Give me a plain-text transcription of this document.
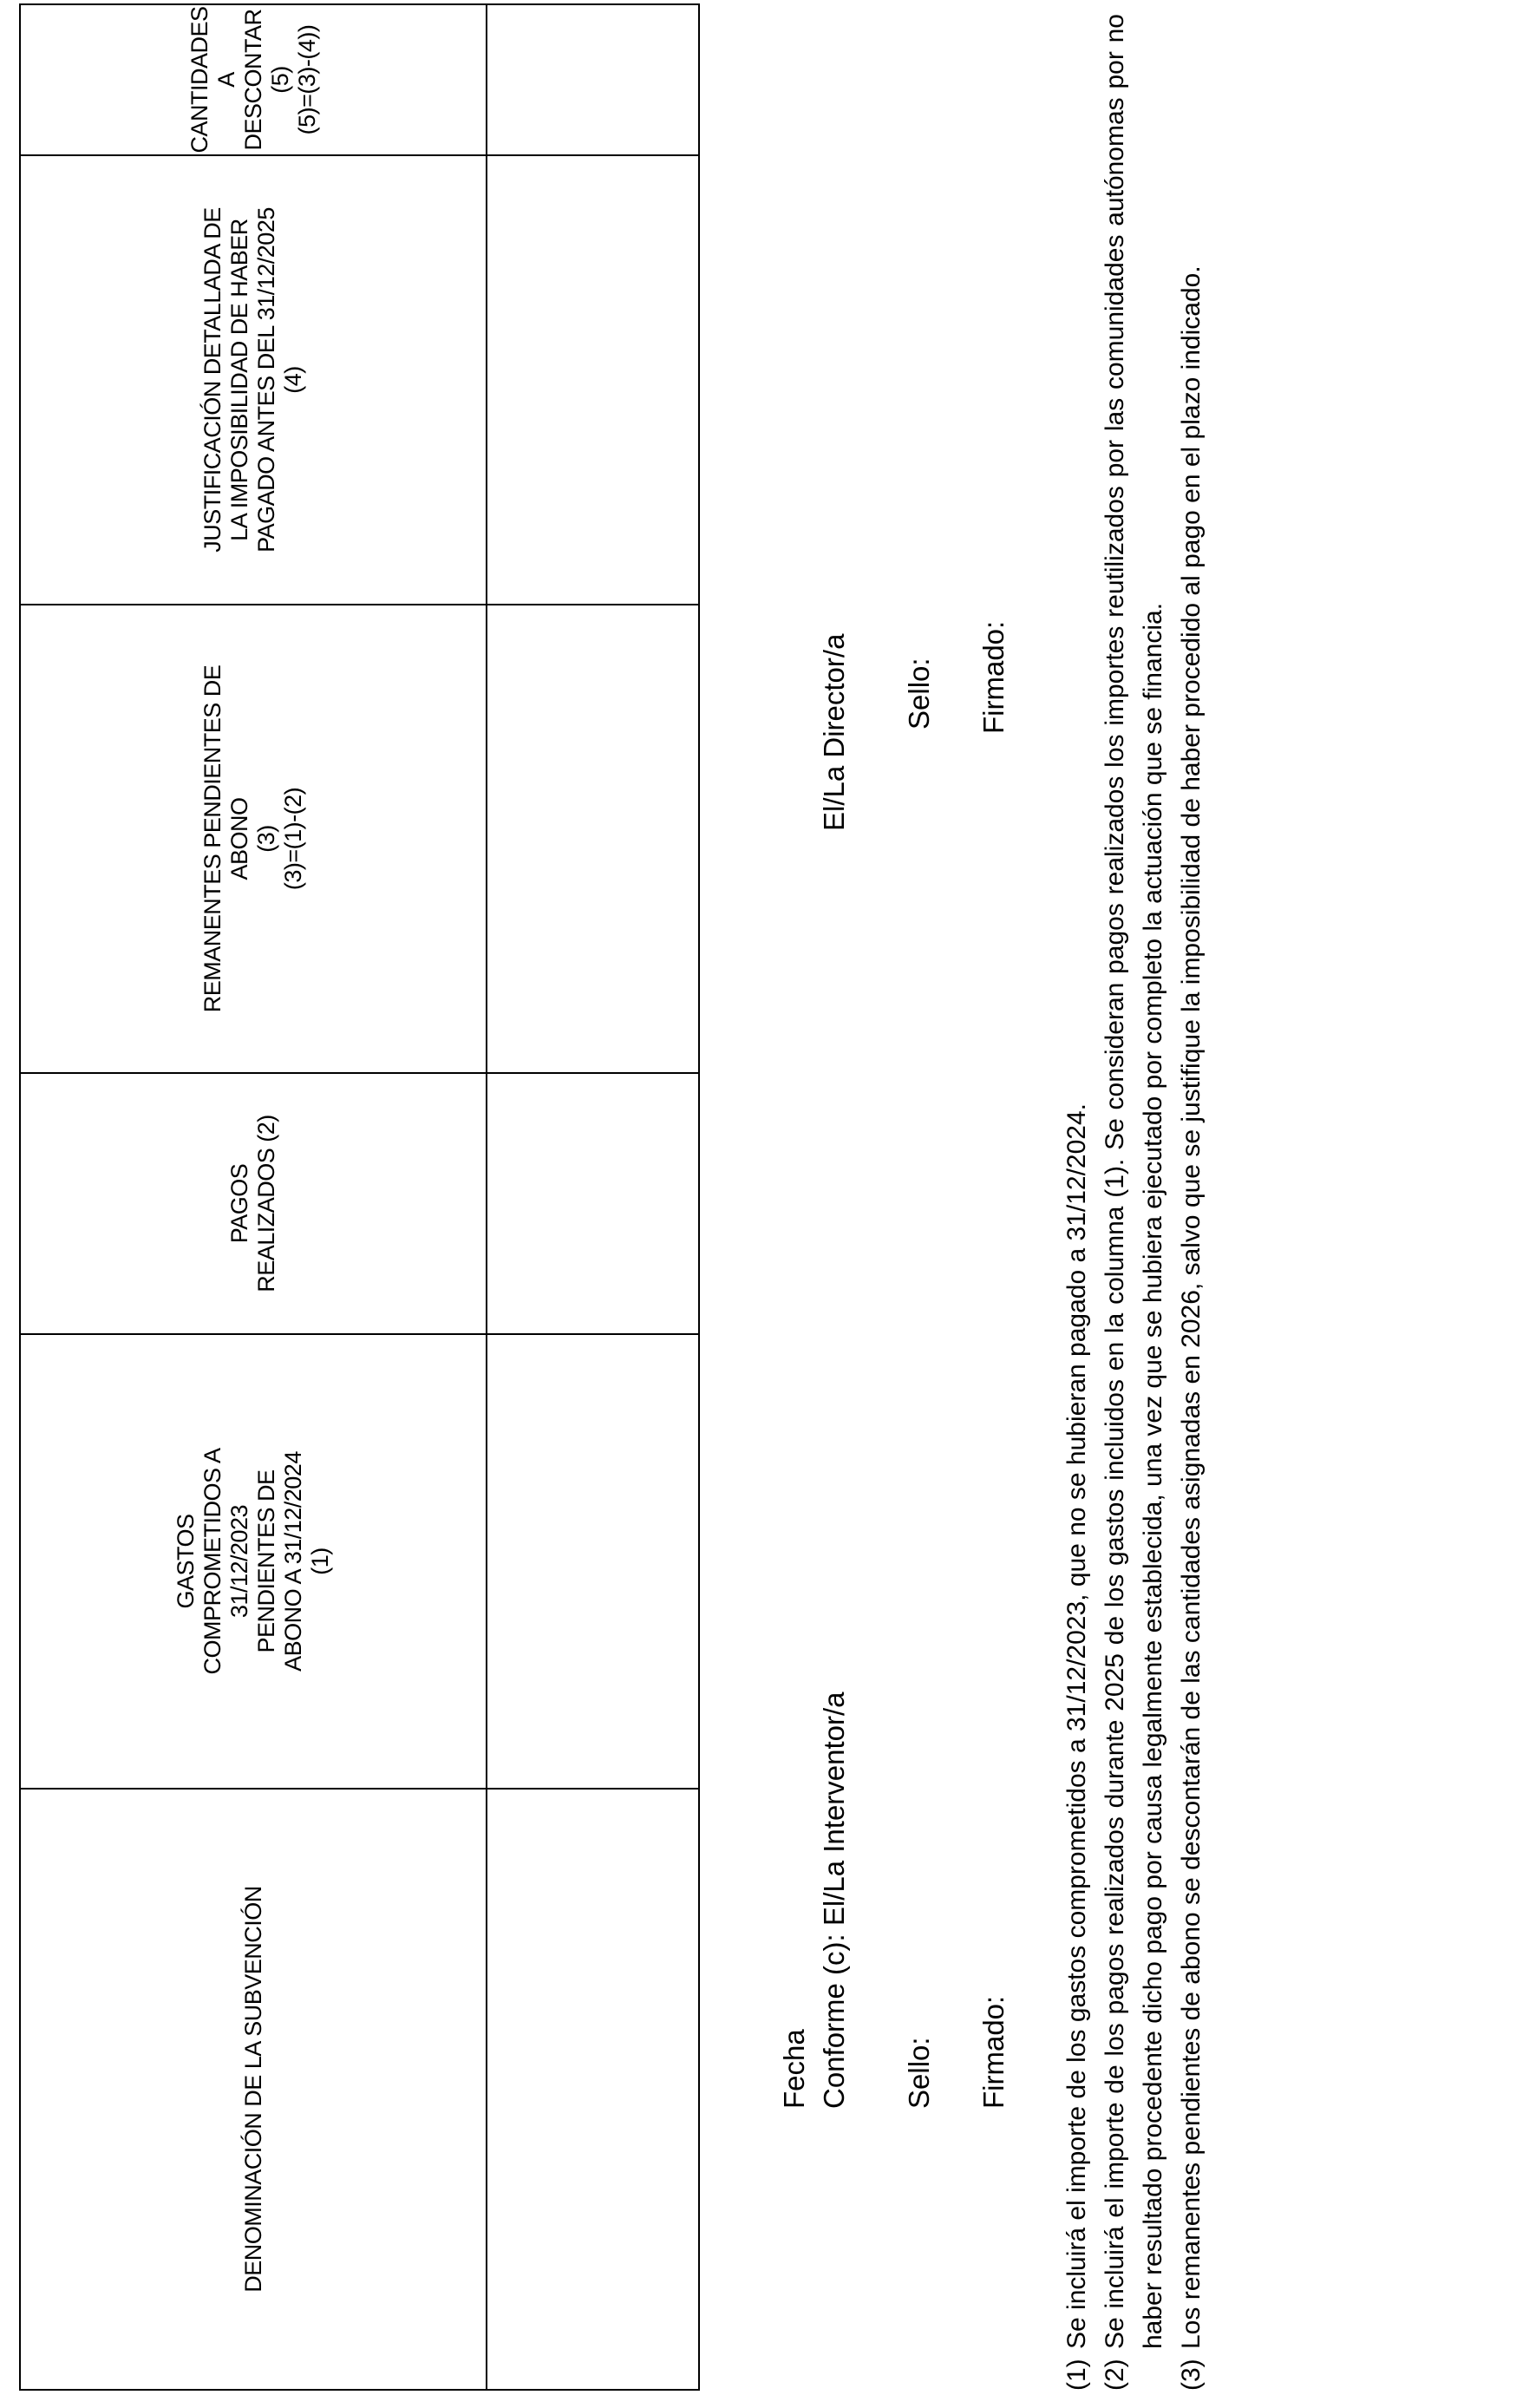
DENOMINACIÓN DE LA SUBVENCIÓN
GASTOS
COMPROMETIDOS A
31/12/2023
PENDIENTES DE
ABONO A 31/12/2024
(1)
PAGOS
REALIZADOS (2)
REMANENTES PENDIENTES DE
ABONO
(3)
(3)=(1)-(2)
JUSTIFICACIÓN DETALLADA DE
LA IMPOSIBILIDAD DE HABER
PAGADO ANTES DEL 31/12/2025
(4)
CANTIDADES A
DESCONTAR (5)
(5)=(3)-(4))
Fecha Conforme (c): El/La Interventor/a Sello: Firmado:
El/La Director/a Sello: Firmado:
(1)
Se incluirá el importe de los gastos comprometidos a 31/12/2023, que no se hubieran pagado a 31/12/2024.
(2)
Se incluirá el importe de los pagos realizados durante 2025 de los gastos incluidos en la columna (1). Se consideran pagos realizados los importes reutilizados por las comunidades autónomas por no haber resultado procedente dicho pago por causa legalmente establecida, una vez que se hubiera ejecutado por completo la actuación que se financia.
(3)
Los remanentes pendientes de abono se descontarán de las cantidades asignadas en 2026, salvo que se justifique la imposibilidad de haber procedido al pago en el plazo indicado.
